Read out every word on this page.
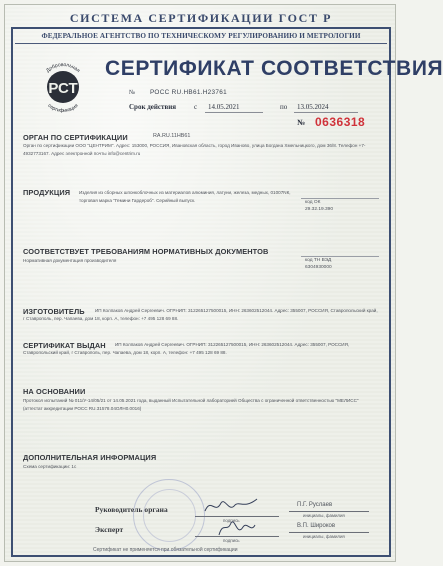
СИСТЕМА СЕРТИФИКАЦИИ ГОСТ Р
ФЕДЕРАЛЬНОЕ АГЕНТСТВО ПО ТЕХНИЧЕСКОМУ РЕГУЛИРОВАНИЮ И МЕТРОЛОГИИ
РСТ
Добровольная
сертификация
СЕРТИФИКАТ СООТВЕТСТВИЯ
№ РОСС RU.НВ61.Н23761
Срок действия	с 14.05.2021	по 13.05.2024
№ 0636318
ОРГАН ПО СЕРТИФИКАЦИИ	RA.RU.11НВ61
Орган по сертификации ООО "ЦЕНТРИМ". Адрес: 153000, РОССИЯ, Ивановская область, город Иваново, улица Богдана Хмельницкого, дом 36/8. Телефон +7-4932773167. Адрес электронной почты info@centrim.ru
ПРОДУКЦИЯ Изделия из сборных шпонкоблочных из материалов алюминия, латуни, железа, медных, 01007NК, торговая марка "Гемини Гардероб". Серийный выпуск.	код ОК
29.32.19.390
СООТВЕТСТВУЕТ ТРЕБОВАНИЯМ НОРМАТИВНЫХ ДОКУМЕНТОВ
Нормативная документация производителя	код ТН ВЭД
6304930000
ИЗГОТОВИТЕЛЬ	ИП Колпаков Андрей Сергеевич. ОГРНИП: 312265127500015, ИНН: 263602512044. Адрес: 355007, РОССИЯ, Ставропольский край, г Ставрополь, пер. Чапаева, дом 18, корп. А, телефон: +7 495 128 69 88.
СЕРТИФИКАТ ВЫДАН	ИП Колпаков Андрей Сергеевич. ОГРНИП: 312265127500015, ИНН: 263602512044. Адрес: 355007, РОССИЯ, Ставропольский край, г Ставрополь, пер. Чапаева, дом 18, корп. А, телефон: +7 495 128 69 88.
НА ОСНОВАНИИ
Протокол испытаний № 011/У-14/05/21 от 14.05.2021 года, выданный Испытательной лабораторией Общества с ограниченной ответственностью "МЕЛИСС" (аттестат аккредитации РОСС RU.31578.04ОЛН0.0016)
ДОПОЛНИТЕЛЬНАЯ ИНФОРМАЦИЯ
Схема сертификации: 1с
Руководитель органа
подпись
П.Г. Руслаев
инициалы, фамилия
Эксперт
подпись
В.П. Широков
инициалы, фамилия
Сертификат не применяется при обязательной сертификации
